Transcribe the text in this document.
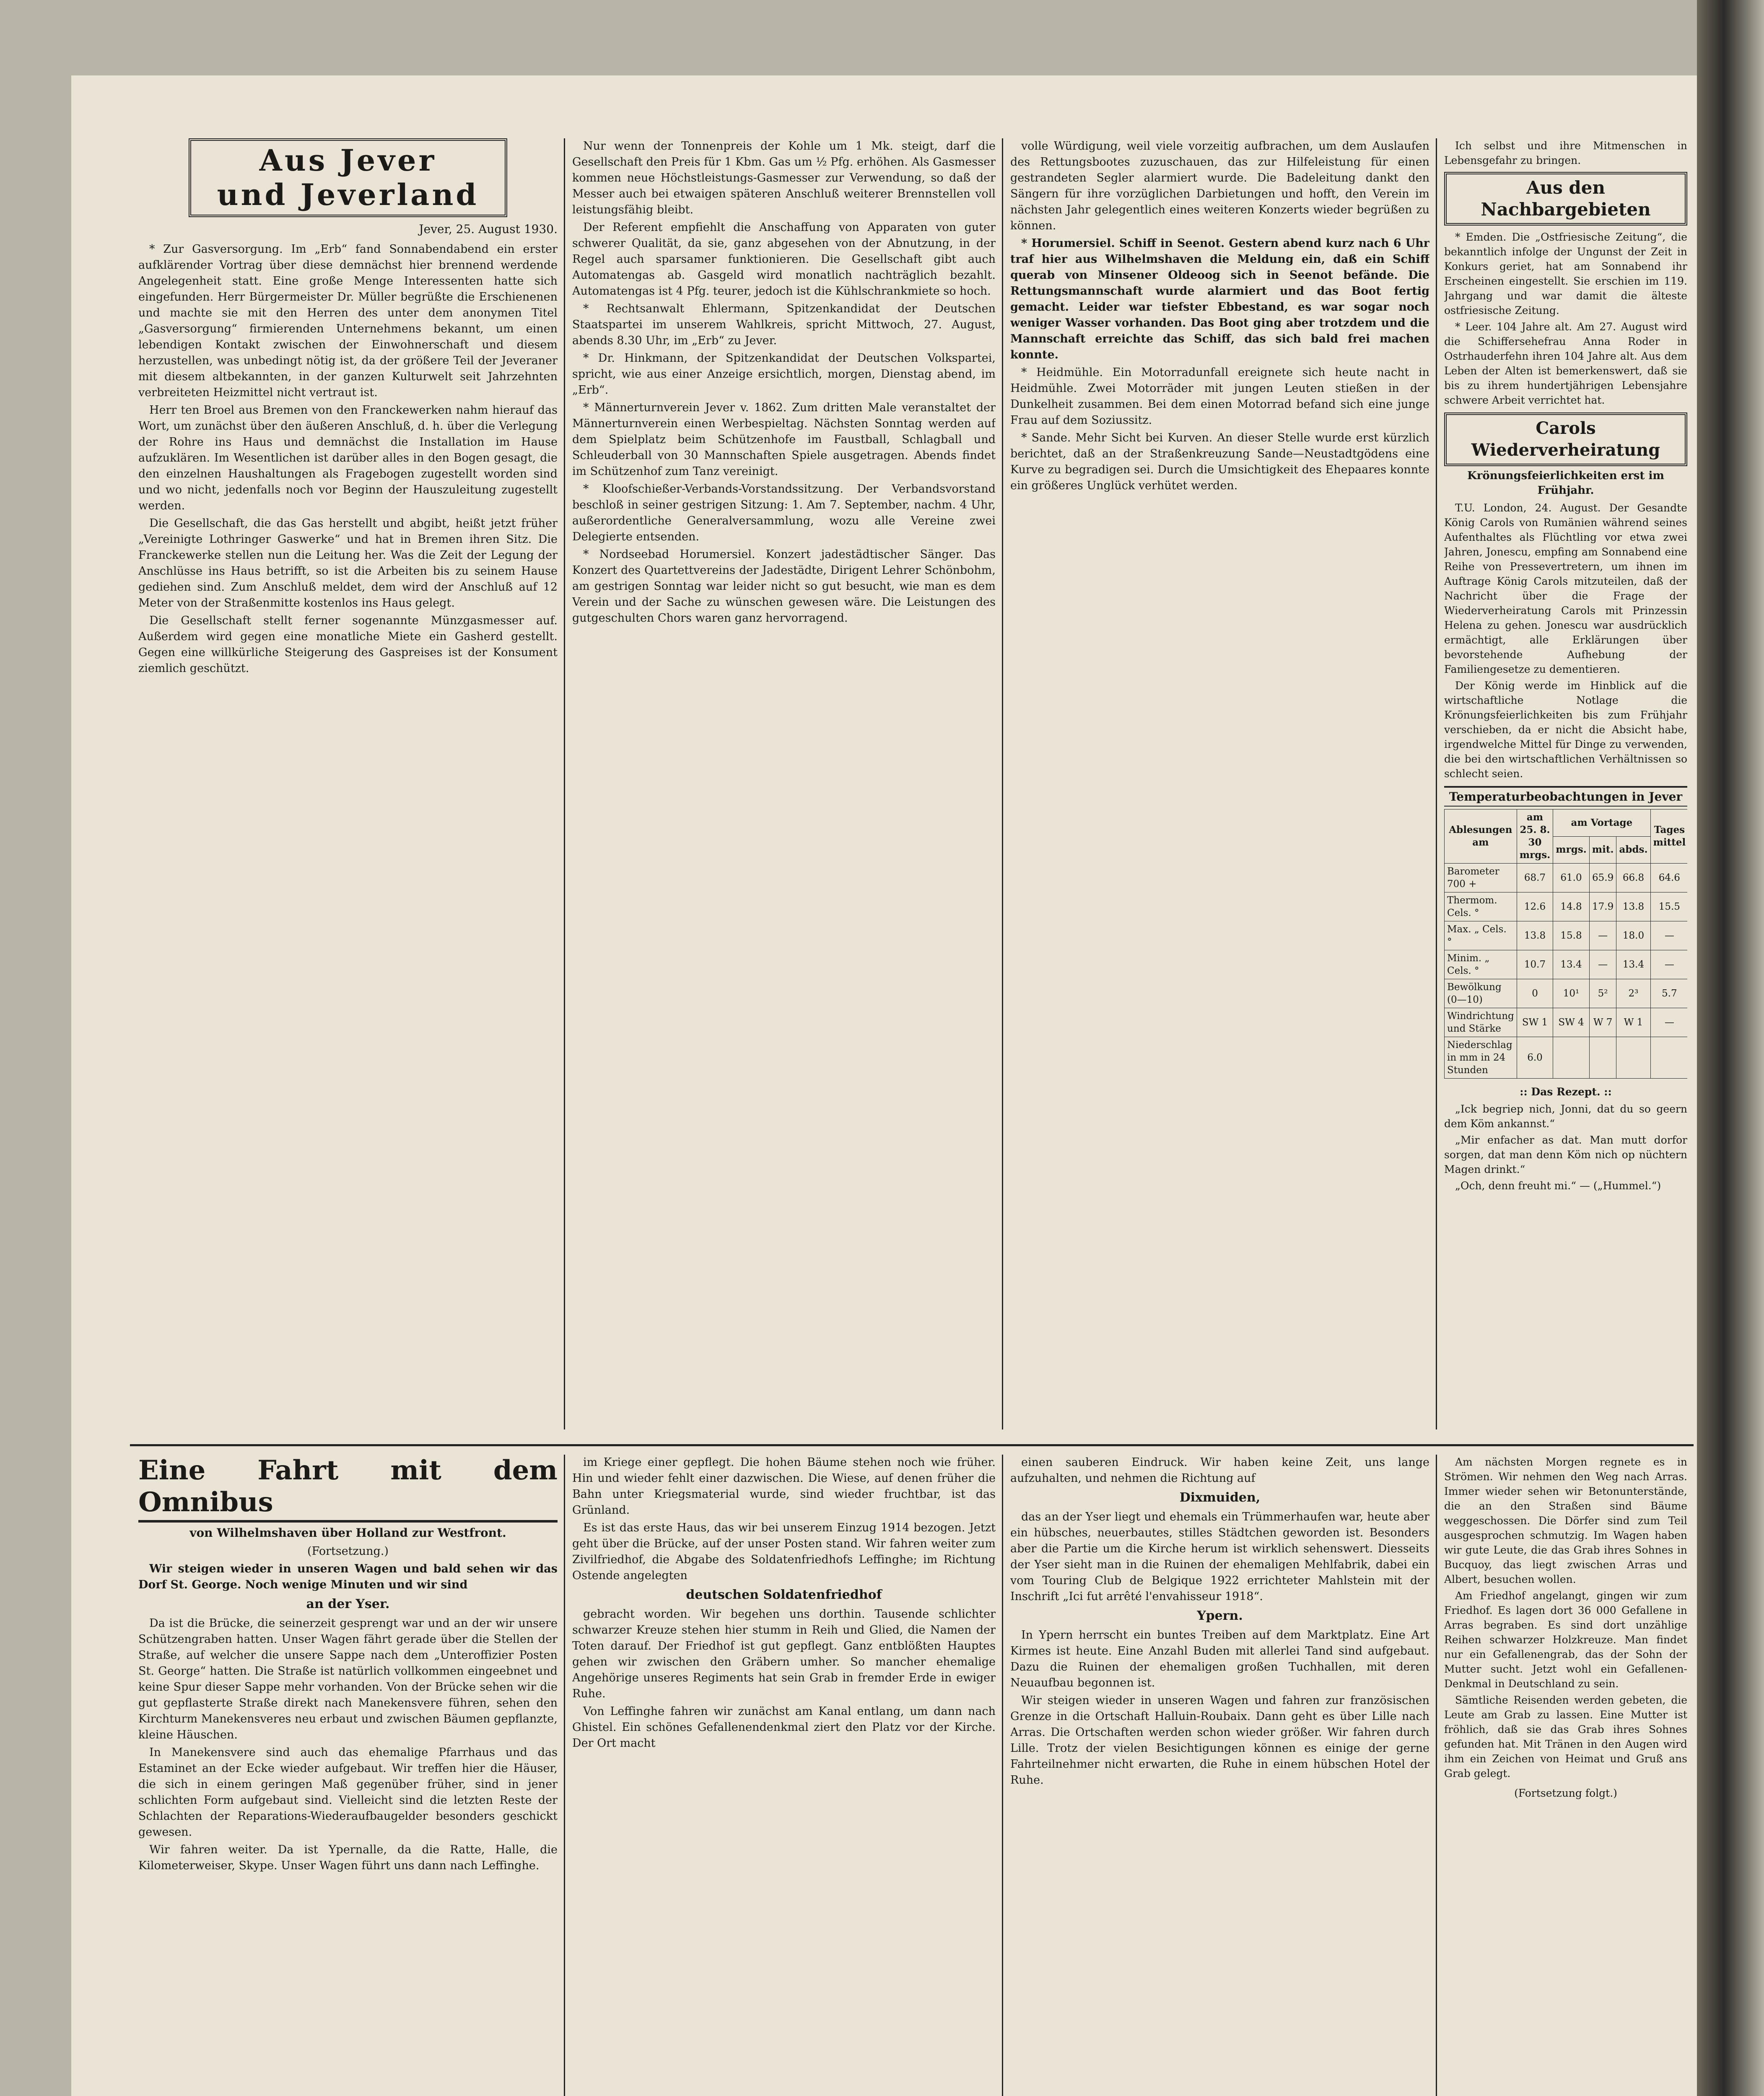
Aus Jever
und Jeverland
Jever, 25. August 1930.

* Zur Gasversorgung. Im „Erb“ fand Sonnabendabend ein erster aufklärender Vortrag über diese demnächst hier brennend werdende Angelegenheit statt. Eine große Menge Interessenten hatte sich eingefunden. Herr Bürgermeister Dr. Müller begrüßte die Erschienenen und machte sie mit den Herren des unter dem anonymen Titel „Gasversorgung“ firmierenden Unternehmens bekannt, um einen lebendigen Kontakt zwischen der Einwohnerschaft und diesem herzustellen, was unbedingt nötig ist, da der größere Teil der Jeveraner mit diesem altbekannten, in der ganzen Kulturwelt seit Jahrzehnten verbreiteten Heizmittel nicht vertraut ist.

Herr ten Broel aus Bremen von den Franckewerken nahm hierauf das Wort, um zunächst über den äußeren Anschluß, d. h. über die Verlegung der Rohre ins Haus und demnächst die Installation im Hause aufzuklären. Im Wesentlichen ist darüber alles in den Bogen gesagt, die den einzelnen Haushaltungen als Fragebogen zugestellt worden sind und wo nicht, jedenfalls noch vor Beginn der Hauszuleitung zugestellt werden.

Die Gesellschaft, die das Gas herstellt und abgibt, heißt jetzt früher „Vereinigte Lothringer Gaswerke“ und hat in Bremen ihren Sitz. Die Franckewerke stellen nun die Leitung her. Was die Zeit der Legung der Anschlüsse ins Haus betrifft, so ist die Arbeiten bis zu seinem Hause gediehen sind. Zum Anschluß meldet, dem wird der Anschluß auf 12 Meter von der Straßenmitte kostenlos ins Haus gelegt.

Die Gesellschaft stellt ferner sogenannte Münzgasmesser auf. Außerdem wird gegen eine monatliche Miete ein Gasherd gestellt. Gegen eine willkürliche Steigerung des Gaspreises ist der Konsument ziemlich geschützt.

Nur wenn der Tonnenpreis der Kohle um 1 Mk. steigt, darf die Gesellschaft den Preis für 1 Kbm. Gas um ½ Pfg. erhöhen. Als Gasmesser kommen neue Höchstleistungs-Gasmesser zur Verwendung, so daß der Messer auch bei etwaigen späteren Anschluß weiterer Brennstellen voll leistungsfähig bleibt.

Der Referent empfiehlt die Anschaffung von Apparaten von guter schwerer Qualität, da sie, ganz abgesehen von der Abnutzung, in der Regel auch sparsamer funktionieren. Die Gesellschaft gibt auch Automatengas ab. Gasgeld wird monatlich nachträglich bezahlt. Automatengas ist 4 Pfg. teurer, jedoch ist die Kühlschrankmiete so hoch.

* Rechtsanwalt Ehlermann, Spitzenkandidat der Deutschen Staatspartei im unserem Wahlkreis, spricht Mittwoch, 27. August, abends 8.30 Uhr, im „Erb“ zu Jever.

* Dr. Hinkmann, der Spitzenkandidat der Deutschen Volkspartei, spricht, wie aus einer Anzeige ersichtlich, morgen, Dienstag abend, im „Erb“.

* Männerturnverein Jever v. 1862. Zum dritten Male veranstaltet der Männerturnverein einen Werbespieltag. Nächsten Sonntag werden auf dem Spielplatz beim Schützenhofe im Faustball, Schlagball und Schleuderball von 30 Mannschaften Spiele ausgetragen. Abends findet im Schützenhof zum Tanz vereinigt.

* Kloofschießer-Verbands-Vorstandssitzung. Der Verbandsvorstand beschloß in seiner gestrigen Sitzung: 1. Am 7. September, nachm. 4 Uhr, außerordentliche Generalversammlung, wozu alle Vereine zwei Delegierte entsenden.

* Nordseebad Horumersiel. Konzert jadestädtischer Sänger. Das Konzert des Quartettvereins der Jadestädte, Dirigent Lehrer Schönbohm, am gestrigen Sonntag war leider nicht so gut besucht, wie man es dem Verein und der Sache zu wünschen gewesen wäre. Die Leistungen des gutgeschulten Chors waren ganz hervorragend.

volle Würdigung, weil viele vorzeitig aufbrachen, um dem Auslaufen des Rettungsbootes zuzuschauen, das zur Hilfeleistung für einen gestrandeten Segler alarmiert wurde. Die Badeleitung dankt den Sängern für ihre vorzüglichen Darbietungen und hofft, den Verein im nächsten Jahr gelegentlich eines weiteren Konzerts wieder begrüßen zu können.

* Horumersiel. Schiff in Seenot. Gestern abend kurz nach 6 Uhr traf hier aus Wilhelmshaven die Meldung ein, daß ein Schiff querab von Minsener Oldeoog sich in Seenot befände. Die Rettungsmannschaft wurde alarmiert und das Boot fertig gemacht. Leider war tiefster Ebbestand, es war sogar noch weniger Wasser vorhanden. Das Boot ging aber trotzdem und die Mannschaft erreichte das Schiff, das sich bald frei machen konnte.

* Heidmühle. Ein Motorradunfall ereignete sich heute nacht in Heidmühle. Zwei Motorräder mit jungen Leuten stießen in der Dunkelheit zusammen. Bei dem einen Motorrad befand sich eine junge Frau auf dem Soziussitz.

* Sande. Mehr Sicht bei Kurven. An dieser Stelle wurde erst kürzlich berichtet, daß an der Straßenkreuzung Sande—Neustadtgödens eine Kurve zu begradigen sei. Durch die Umsichtigkeit des Ehepaares konnte ein größeres Unglück verhütet werden.

Ich selbst und ihre Mitmenschen in Lebensgefahr zu bringen.

Aus den Nachbargebieten

* Emden. Die „Ostfriesische Zeitung“, die bekanntlich infolge der Ungunst der Zeit in Konkurs geriet, hat am Sonnabend ihr Erscheinen eingestellt. Sie erschien im 119. Jahrgang und war damit die älteste ostfriesische Zeitung.

* Leer. 104 Jahre alt. Am 27. August wird die Schiffersehefrau Anna Roder in Ostrhauderfehn ihren 104 Jahre alt. Aus dem Leben der Alten ist bemerkenswert, daß sie bis zu ihrem hundertjährigen Lebensjahre schwere Arbeit verrichtet hat.

Carols Wiederverheiratung
Krönungsfeierlichkeiten erst im Frühjahr.

T.U. London, 24. August. Der Gesandte König Carols von Rumänien während seines Aufenthaltes als Flüchtling vor etwa zwei Jahren, Jonescu, empfing am Sonnabend eine Reihe von Pressevertretern, um ihnen im Auftrage König Carols mitzuteilen, daß der Nachricht über die Frage der Wiederverheiratung Carols mit Prinzessin Helena zu gehen. Jonescu war ausdrücklich ermächtigt, alle Erklärungen über bevorstehende Aufhebung der Familiengesetze zu dementieren.

Der König werde im Hinblick auf die wirtschaftliche Notlage die Krönungsfeierlichkeiten bis zum Frühjahr verschieben, da er nicht die Absicht habe, irgendwelche Mittel für Dinge zu verwenden, die bei den wirtschaftlichen Verhältnissen so schlecht seien.

Temperaturbeobachtungen in Jever
Ablesungen am	am 25. 8. 30 mrgs.	am Vortage			Tages mittel
		mrgs.	mit.	abds.	
Barometer 700 +	68.7	61.0	65.9	66.8	64.6
Thermom. Cels. °	12.6	14.8	17.9	13.8	15.5
Max. „ Cels. °	13.8	15.8	—	18.0	—
Minim. „ Cels. °	10.7	13.4	—	13.4	—
Bewölkung (0—10)	0	10¹	5²	2³	5.7
Windrichtung und Stärke	SW 1	SW 4	W 7	W 1	—
Niederschlag in mm in 24 Stunden	6.0				
:: Das Rezept. ::

„Ick begriep nich, Jonni, dat du so geern dem Köm ankannst.“

„Mir enfacher as dat. Man mutt dorfor sorgen, dat man denn Köm nich op nüchtern Magen drinkt.“

„Och, denn freuht mi.“ — („Hummel.“)

Eine Fahrt mit dem Omnibus
von Wilhelmshaven über Holland zur Westfront.
(Fortsetzung.)

Wir steigen wieder in unseren Wagen und bald sehen wir das Dorf St. George. Noch wenige Minuten und wir sind

an der Yser.

Da ist die Brücke, die seinerzeit gesprengt war und an der wir unsere Schützengraben hatten. Unser Wagen fährt gerade über die Stellen der Straße, auf welcher die unsere Sappe nach dem „Unteroffizier Posten St. George“ hatten. Die Straße ist natürlich vollkommen eingeebnet und keine Spur dieser Sappe mehr vorhanden. Von der Brücke sehen wir die gut gepflasterte Straße direkt nach Manekensvere führen, sehen den Kirchturm Manekensveres neu erbaut und zwischen Bäumen gepflanzte, kleine Häuschen.

In Manekensvere sind auch das ehemalige Pfarrhaus und das Estaminet an der Ecke wieder aufgebaut. Wir treffen hier die Häuser, die sich in einem geringen Maß gegenüber früher, sind in jener schlichten Form aufgebaut sind. Vielleicht sind die letzten Reste der Schlachten der Reparations-Wiederaufbaugelder besonders geschickt gewesen.

Wir fahren weiter. Da ist Ypernalle, da die Ratte, Halle, die Kilometerweiser, Skype. Unser Wagen führt uns dann nach Leffinghe.

im Kriege einer gepflegt. Die hohen Bäume stehen noch wie früher. Hin und wieder fehlt einer dazwischen. Die Wiese, auf denen früher die Bahn unter Kriegsmaterial wurde, sind wieder fruchtbar, ist das Grünland.

Es ist das erste Haus, das wir bei unserem Einzug 1914 bezogen. Jetzt geht über die Brücke, auf der unser Posten stand. Wir fahren weiter zum Zivilfriedhof, die Abgabe des Soldatenfriedhofs Leffinghe; im Richtung Ostende angelegten

deutschen Soldatenfriedhof

gebracht worden. Wir begehen uns dorthin. Tausende schlichter schwarzer Kreuze stehen hier stumm in Reih und Glied, die Namen der Toten darauf. Der Friedhof ist gut gepflegt. Ganz entblößten Hauptes gehen wir zwischen den Gräbern umher. So mancher ehemalige Angehörige unseres Regiments hat sein Grab in fremder Erde in ewiger Ruhe.

Von Leffinghe fahren wir zunächst am Kanal entlang, um dann nach Ghistel. Ein schönes Gefallenendenkmal ziert den Platz vor der Kirche. Der Ort macht

einen sauberen Eindruck. Wir haben keine Zeit, uns lange aufzuhalten, und nehmen die Richtung auf

Dixmuiden,

das an der Yser liegt und ehemals ein Trümmerhaufen war, heute aber ein hübsches, neuerbautes, stilles Städtchen geworden ist. Besonders aber die Partie um die Kirche herum ist wirklich sehenswert. Diesseits der Yser sieht man in die Ruinen der ehemaligen Mehlfabrik, dabei ein vom Touring Club de Belgique 1922 errichteter Mahlstein mit der Inschrift „Ici fut arrêté l'envahisseur 1918“.

Ypern.

In Ypern herrscht ein buntes Treiben auf dem Marktplatz. Eine Art Kirmes ist heute. Eine Anzahl Buden mit allerlei Tand sind aufgebaut. Dazu die Ruinen der ehemaligen großen Tuchhallen, mit deren Neuaufbau begonnen ist.

Wir steigen wieder in unseren Wagen und fahren zur französischen Grenze in die Ortschaft Halluin-Roubaix. Dann geht es über Lille nach Arras. Die Ortschaften werden schon wieder größer. Wir fahren durch Lille. Trotz der vielen Besichtigungen können es einige der gerne Fahrteilnehmer nicht erwarten, die Ruhe in einem hübschen Hotel der Ruhe.

Am nächsten Morgen regnete es in Strömen. Wir nehmen den Weg nach Arras. Immer wieder sehen wir Betonunterstände, die an den Straßen sind Bäume weggeschossen. Die Dörfer sind zum Teil ausgesprochen schmutzig. Im Wagen haben wir gute Leute, die das Grab ihres Sohnes in Bucquoy, das liegt zwischen Arras und Albert, besuchen wollen.

Am Friedhof angelangt, gingen wir zum Friedhof. Es lagen dort 36 000 Gefallene in Arras begraben. Es sind dort unzählige Reihen schwarzer Holzkreuze. Man findet nur ein Gefallenengrab, das der Sohn der Mutter sucht. Jetzt wohl ein Gefallenen-Denkmal in Deutschland zu sein.

Sämtliche Reisenden werden gebeten, die Leute am Grab zu lassen. Eine Mutter ist fröhlich, daß sie das Grab ihres Sohnes gefunden hat. Mit Tränen in den Augen wird ihm ein Zeichen von Heimat und Gruß ans Grab gelegt.

(Fortsetzung folgt.)
